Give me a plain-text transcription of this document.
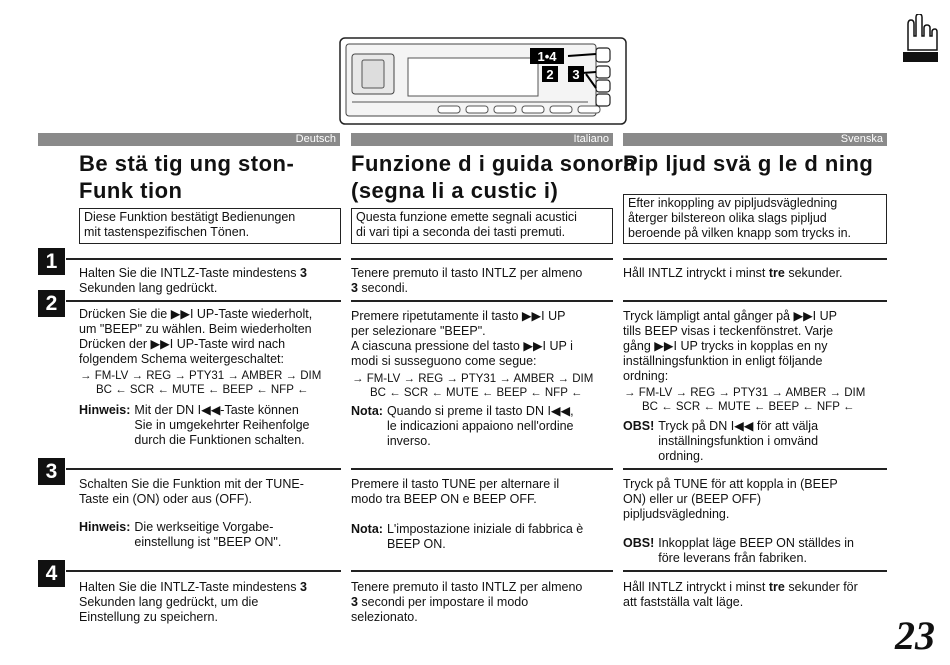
1•4
2 3
Deutsch	Italiano	Svenska
Be stä tig ung ston-
Funk tion
Funzione d i guida sonora
(segna li a custic i)
Pip ljud svä g le d ning
Diese Funktion bestätigt Bedienungen
mit tastenspezifischen Tönen.
Questa funzione emette segnali acustici
di vari tipi a seconda dei tasti premuti.
Efter inkoppling av pipljudsvägledning
återger bilstereon olika slags pipljud
beroende på vilken knapp som trycks in.
1	Halten Sie die INTLZ-Taste mindestens 3
Sekunden lang gedrückt.
Tenere premuto il tasto INTLZ per almeno
3 secondi.
Håll INTLZ intryckt i minst tre sekunder.
2	Drücken Sie die ▶▶I UP-Taste wiederholt,
um "BEEP" zu wählen. Beim wiederholten
Drücken der ▶▶I UP-Taste wird nach
folgendem Schema weitergeschaltet:
→ FM-LV → REG → PTY31 → AMBER → DIM
BC ← SCR ← MUTE ← BEEP ← NFP ←
Hinweis: Mit der DN I◀◀-Taste können
Sie in umgekehrter Reihenfolge
durch die Funktionen schalten.
Premere ripetutamente il tasto ▶▶I UP
per selezionare "BEEP".
A ciascuna pressione del tasto ▶▶I UP i
modi si susseguono come segue:
→ FM-LV → REG → PTY31 → AMBER → DIM
BC ← SCR ← MUTE ← BEEP ← NFP ←
Nota: Quando si preme il tasto DN I◀◀,
le indicazioni appaiono nell'ordine
inverso.
Tryck lämpligt antal gånger på ▶▶I UP
tills BEEP visas i teckenfönstret. Varje
gång ▶▶I UP trycks in kopplas en ny
inställningsfunktion in enligt följande
ordning:
→ FM-LV → REG → PTY31 → AMBER → DIM
BC ← SCR ← MUTE ← BEEP ← NFP ←
OBS! Tryck på DN I◀◀ för att välja
inställningsfunktion i omvänd
ordning.
3
Schalten Sie die Funktion mit der TUNE-
Taste ein (ON) oder aus (OFF).
Hinweis: Die werkseitige Vorgabe-
einstellung ist "BEEP ON".
Premere il tasto TUNE per alternare il
modo tra BEEP ON e BEEP OFF.
Nota: L'impostazione iniziale di fabbrica è
BEEP ON.
Tryck på TUNE för att koppla in (BEEP
ON) eller ur (BEEP OFF)
pipljudsvägledning.
OBS! Inkopplat läge BEEP ON ställdes in
före leverans från fabriken.
4
Halten Sie die INTLZ-Taste mindestens 3
Sekunden lang gedrückt, um die
Einstellung zu speichern.
Tenere premuto il tasto INTLZ per almeno
3 secondi per impostare il modo
selezionato.
Håll INTLZ intryckt i minst tre sekunder för
att fastställa valt läge.
23
